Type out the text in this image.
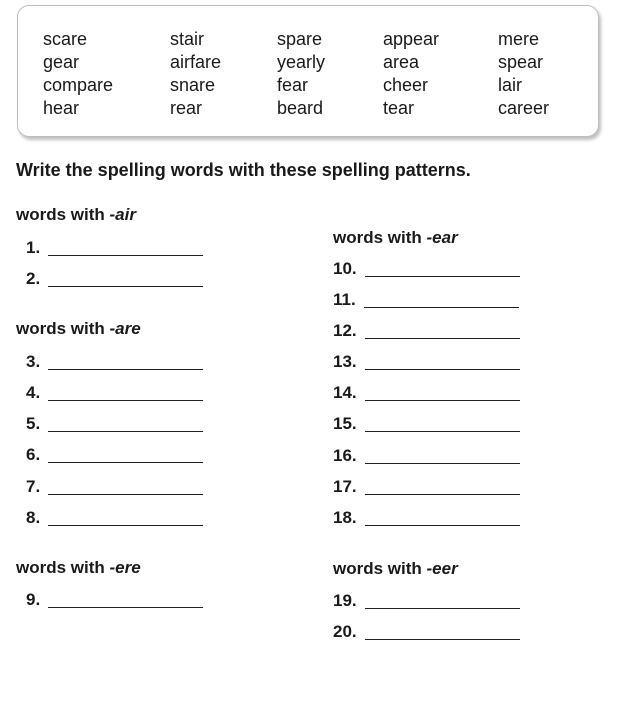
scare
gear
compare
hear
stair
airfare
snare
rear
spare
yearly
fear
beard
appear
area
cheer
tear
mere
spear
lair
career
Write the spelling words with these spelling patterns.
words with -air
1.
2.
words with -are
3.
4.
5.
6.
7.
8.
words with -ere
9.
words with -ear
10.
11.
12.
13.
14.
15.
16.
17.
18.
words with -eer
19.
20.
